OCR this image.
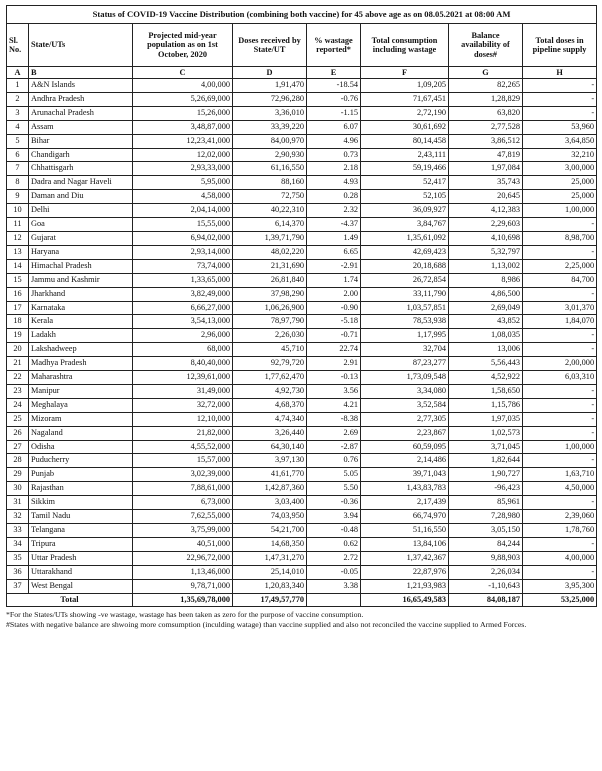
Status of COVID-19 Vaccine Distribution (combining both vaccine) for 45 above age as on 08.05.2021 at 08:00 AM							
Sl. No.	State/UTs	Projected mid-year population as on 1st October, 2020	Doses received by State/UT	% wastage reported*	Total consumption including wastage	Balance availability of doses#	Total doses in pipeline supply
A	B	C	D	E	F	G	H
1	A&N Islands	4,00,000	1,91,470	-18.54	1,09,205	82,265	-
2	Andhra Pradesh	5,26,69,000	72,96,280	-0.76	71,67,451	1,28,829	-
3	Arunachal Pradesh	15,26,000	3,36,010	-1.15	2,72,190	63,820	-
4	Assam	3,48,87,000	33,39,220	6.07	30,61,692	2,77,528	53,960
5	Bihar	12,23,41,000	84,00,970	4.96	80,14,458	3,86,512	3,64,850
6	Chandigarh	12,02,000	2,90,930	0.73	2,43,111	47,819	32,210
7	Chhattisgarh	2,93,33,000	61,16,550	2.18	59,19,466	1,97,084	3,00,000
8	Dadra and Nagar Haveli	5,95,000	88,160	4.93	52,417	35,743	25,000
9	Daman and Diu	4,58,000	72,750	0.28	52,105	20,645	25,000
10	Delhi	2,04,14,000	40,22,310	2.32	36,09,927	4,12,383	1,00,000
11	Goa	15,55,000	6,14,370	-4.37	3,84,767	2,29,603	-
12	Gujarat	6,94,02,000	1,39,71,790	1.49	1,35,61,092	4,10,698	8,98,700
13	Haryana	2,93,14,000	48,02,220	6.65	42,69,423	5,32,797	-
14	Himachal Pradesh	73,74,000	21,31,690	-2.91	20,18,688	1,13,002	2,25,000
15	Jammu and Kashmir	1,33,65,000	26,81,840	1.74	26,72,854	8,986	84,700
16	Jharkhand	3,82,49,000	37,98,290	2.00	33,11,790	4,86,500	-
17	Karnataka	6,66,27,000	1,06,26,900	-0.90	1,03,57,851	2,69,049	3,01,370
18	Kerala	3,54,13,000	78,97,790	-5.18	78,53,938	43,852	1,84,070
19	Ladakh	2,96,000	2,26,030	-0.71	1,17,995	1,08,035	-
20	Lakshadweep	68,000	45,710	22.74	32,704	13,006	-
21	Madhya Pradesh	8,40,40,000	92,79,720	2.91	87,23,277	5,56,443	2,00,000
22	Maharashtra	12,39,61,000	1,77,62,470	-0.13	1,73,09,548	4,52,922	6,03,310
23	Manipur	31,49,000	4,92,730	3.56	3,34,080	1,58,650	-
24	Meghalaya	32,72,000	4,68,370	4.21	3,52,584	1,15,786	-
25	Mizoram	12,10,000	4,74,340	-8.38	2,77,305	1,97,035	-
26	Nagaland	21,82,000	3,26,440	2.69	2,23,867	1,02,573	-
27	Odisha	4,55,52,000	64,30,140	-2.87	60,59,095	3,71,045	1,00,000
28	Puducherry	15,57,000	3,97,130	0.76	2,14,486	1,82,644	-
29	Punjab	3,02,39,000	41,61,770	5.05	39,71,043	1,90,727	1,63,710
30	Rajasthan	7,88,61,000	1,42,87,360	5.50	1,43,83,783	-96,423	4,50,000
31	Sikkim	6,73,000	3,03,400	-0.36	2,17,439	85,961	-
32	Tamil Nadu	7,62,55,000	74,03,950	3.94	66,74,970	7,28,980	2,39,060
33	Telangana	3,75,99,000	54,21,700	-0.48	51,16,550	3,05,150	1,78,760
34	Tripura	40,51,000	14,68,350	0.62	13,84,106	84,244	-
35	Uttar Pradesh	22,96,72,000	1,47,31,270	2.72	1,37,42,367	9,88,903	4,00,000
36	Uttarakhand	1,13,46,000	25,14,010	-0.05	22,87,976	2,26,034	-
37	West Bengal	9,78,71,000	1,20,83,340	3.38	1,21,93,983	-1,10,643	3,95,300
Total		1,35,69,78,000	17,49,57,770		16,65,49,583	84,08,187	53,25,000

*For the States/UTs showing -ve wastage, wastage has been taken as zero for the purpose of vaccine consumption.

#States with negative balance are shwoing more comsumption (inculding watage) than vaccine supplied and also not reconciled the vaccine supplied to Armed Forces.
